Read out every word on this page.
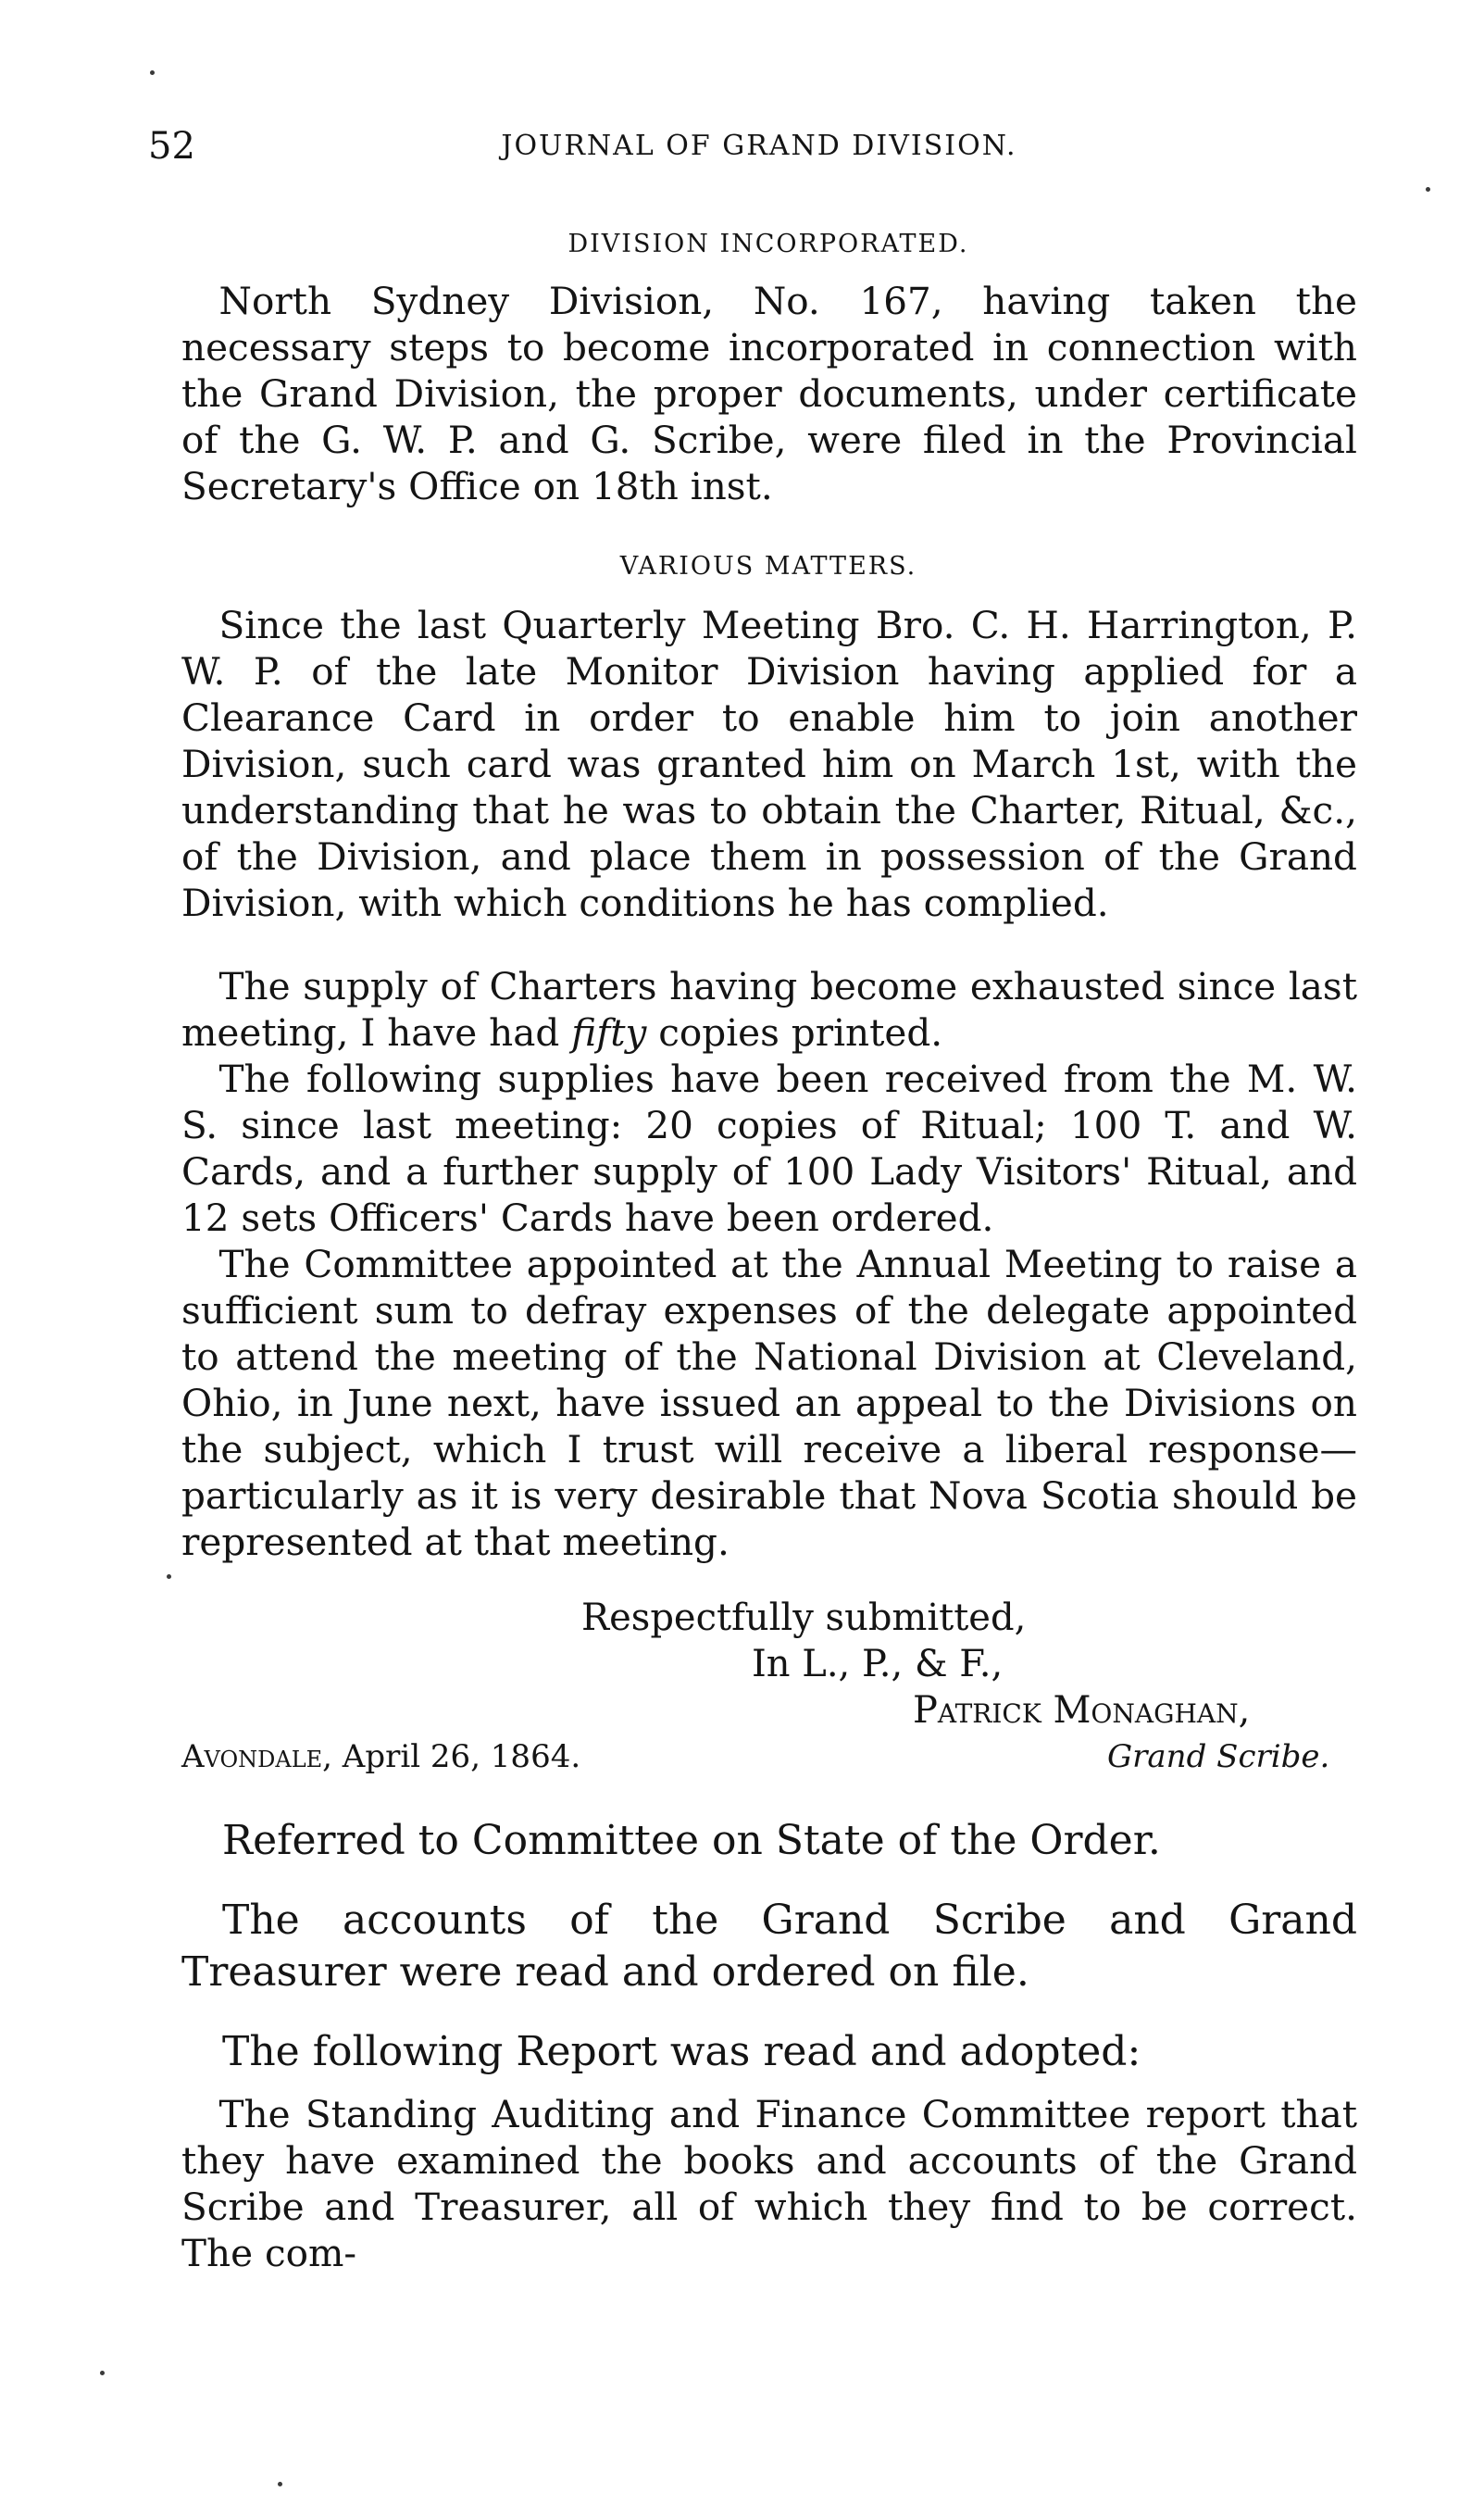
52	JOURNAL OF GRAND DIVISION.
DIVISION INCORPORATED.

North Sydney Division, No. 167, having taken the necessary steps to become incorporated in connection with the Grand Division, the proper documents, under certificate of the G. W. P. and G. Scribe, were filed in the Provincial Secretary's Office on 18th inst.

VARIOUS MATTERS.

Since the last Quarterly Meeting Bro. C. H. Harrington, P. W. P. of the late Monitor Division having applied for a Clearance Card in order to enable him to join another Division, such card was granted him on March 1st, with the understanding that he was to obtain the Charter, Ritual, &c., of the Division, and place them in possession of the Grand Division, with which conditions he has complied.

The supply of Charters having become exhausted since last meeting, I have had fifty copies printed.

The following supplies have been received from the M. W. S. since last meeting: 20 copies of Ritual; 100 T. and W. Cards, and a further supply of 100 Lady Visitors' Ritual, and 12 sets Officers' Cards have been ordered.

The Committee appointed at the Annual Meeting to raise a sufficient sum to defray expenses of the delegate appointed to attend the meeting of the National Division at Cleveland, Ohio, in June next, have issued an appeal to the Divisions on the subject, which I trust will receive a liberal response—particularly as it is very desirable that Nova Scotia should be represented at that meeting.

Respectfully submitted,
In L., P., & F.,
Patrick Monaghan,
Avondale, April 26, 1864.	Grand Scribe.

Referred to Committee on State of the Order.

The accounts of the Grand Scribe and Grand Treasurer were read and ordered on file.

The following Report was read and adopted:

The Standing Auditing and Finance Committee report that they have examined the books and accounts of the Grand Scribe and Treasurer, all of which they find to be correct. The com-
